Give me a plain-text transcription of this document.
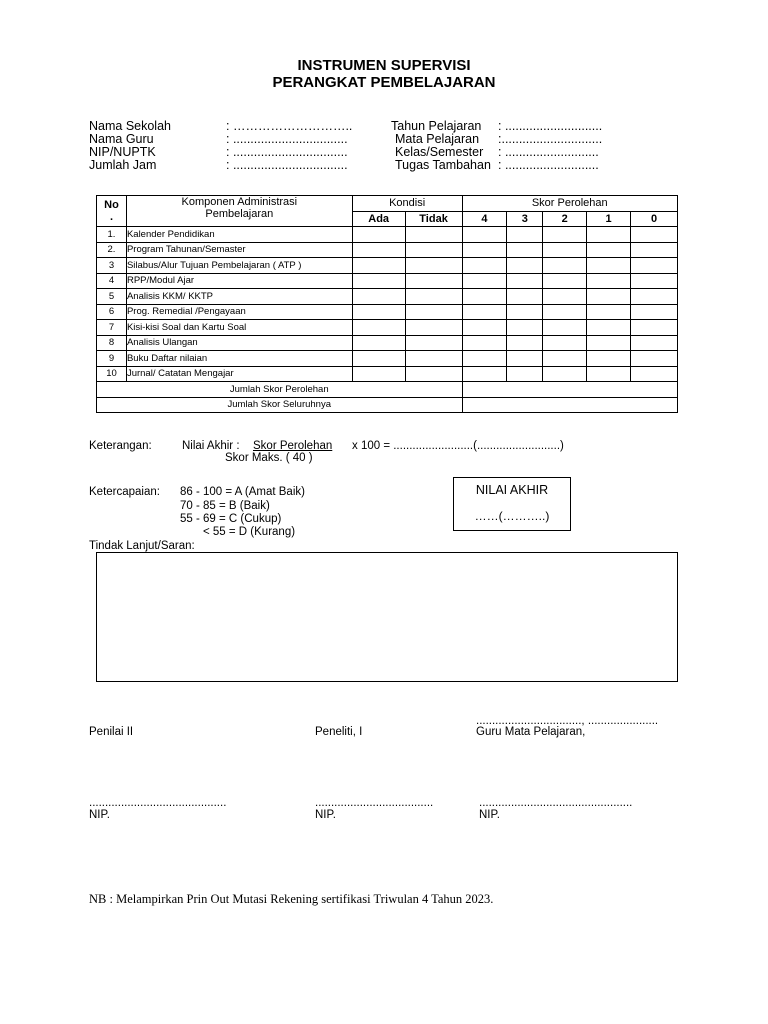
INSTRUMEN SUPERVISI
PERANGKAT PEMBELAJARAN
Nama Sekolah	: ………………………..
Nama Guru	: .................................
NIP/NUPTK	: .................................
Jumlah Jam	: .................................
Tahun Pelajaran : ............................
Mata Pelajaran :.............................
Kelas/Semester : ...........................
Tugas Tambahan : ...........................
No
.	Komponen Administrasi Pembelajaran	Kondisi		Skor Perolehan				
		Ada	Tidak	4	3	2	1	0
1.	Kalender Pendidikan							
2.	Program Tahunan/Semaster							
3	Silabus/Alur Tujuan Pembelajaran ( ATP )							
4	RPP/Modul Ajar							
5	Analisis KKM/ KKTP							
6	Prog. Remedial /Pengayaan							
7	Kisi-kisi Soal dan Kartu Soal							
8	Analisis Ulangan							
9	Buku Daftar nilaian							
10	Jurnal/ Catatan Mengajar							
Jumlah Skor Perolehan								
Jumlah Skor Seluruhnya								
Keterangan:	Nilai Akhir : Skor Perolehan x 100 = .........................(..........................)
Skor Maks. ( 40 )
Ketercapaian: 86 - 100 = A (Amat Baik)
70 - 85 = B (Baik)
55 - 69 = C (Cukup)
< 55 = D (Kurang)
NILAI AKHIR
……(………..)
Tindak Lanjut/Saran:
................................., ......................
Penilai II	Peneliti, I	Guru Mata Pelajaran,
...........................................	.....................................	................................................
NIP.	NIP.	NIP.
NB : Melampirkan Prin Out Mutasi Rekening sertifikasi Triwulan 4 Tahun 2023.
